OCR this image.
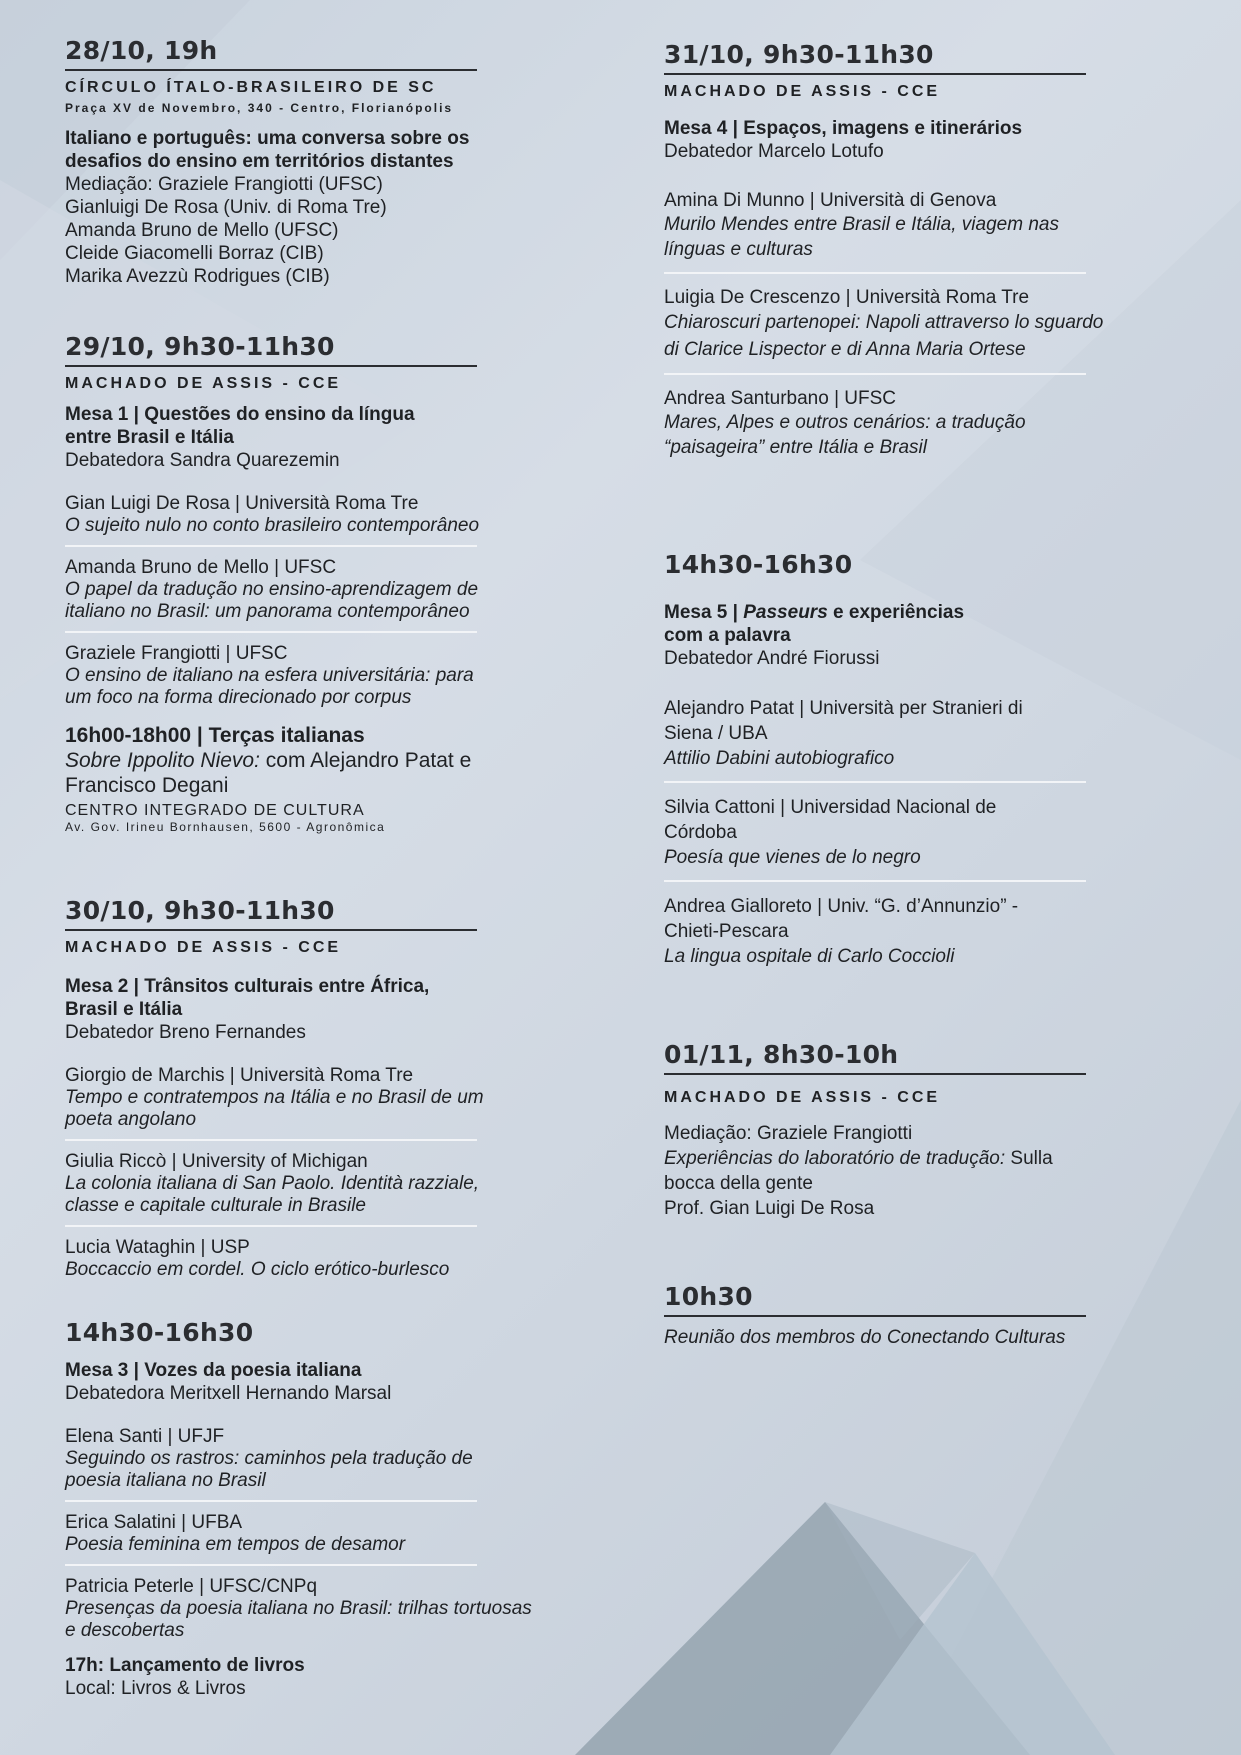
28/10, 19h
CÍRCULO ÍTALO-BRASILEIRO DE SC
Praça XV de Novembro, 340 - Centro, Florianópolis
Italiano e português: uma conversa sobre os
desafios do ensino em territórios distantes
Mediação: Graziele Frangiotti (UFSC)
Gianluigi De Rosa (Univ. di Roma Tre)
Amanda Bruno de Mello (UFSC)
Cleide Giacomelli Borraz (CIB)
Marika Avezzù Rodrigues (CIB)
29/10, 9h30-11h30
MACHADO DE ASSIS - CCE
Mesa 1 | Questões do ensino da língua
entre Brasil e Itália
Debatedora Sandra Quarezemin
Gian Luigi De Rosa | Università Roma Tre
O sujeito nulo no conto brasileiro contemporâneo
Amanda Bruno de Mello | UFSC
O papel da tradução no ensino-aprendizagem de
italiano no Brasil: um panorama contemporâneo
Graziele Frangiotti | UFSC
O ensino de italiano na esfera universitária: para
um foco na forma direcionado por corpus
16h00-18h00 | Terças italianas
Sobre Ippolito Nievo: com Alejandro Patat e
Francisco Degani
CENTRO INTEGRADO DE CULTURA
Av. Gov. Irineu Bornhausen, 5600 - Agronômica
30/10, 9h30-11h30
MACHADO DE ASSIS - CCE
Mesa 2 | Trânsitos culturais entre África,
Brasil e Itália
Debatedor Breno Fernandes
Giorgio de Marchis | Università Roma Tre
Tempo e contratempos na Itália e no Brasil de um
poeta angolano
Giulia Riccò | University of Michigan
La colonia italiana di San Paolo. Identità razziale,
classe e capitale culturale in Brasile
Lucia Wataghin | USP
Boccaccio em cordel. O ciclo erótico-burlesco
14h30-16h30
Mesa 3 | Vozes da poesia italiana
Debatedora Meritxell Hernando Marsal
Elena Santi | UFJF
Seguindo os rastros: caminhos pela tradução de
poesia italiana no Brasil
Erica Salatini | UFBA
Poesia feminina em tempos de desamor
Patricia Peterle | UFSC/CNPq
Presenças da poesia italiana no Brasil: trilhas tortuosas
e descobertas
17h: Lançamento de livros
Local: Livros & Livros
31/10, 9h30-11h30
MACHADO DE ASSIS - CCE
Mesa 4 | Espaços, imagens e itinerários
Debatedor Marcelo Lotufo
Amina Di Munno | Università di Genova
Murilo Mendes entre Brasil e Itália, viagem nas
línguas e culturas
Luigia De Crescenzo | Università Roma Tre
Chiaroscuri partenopei: Napoli attraverso lo sguardo
di Clarice Lispector e di Anna Maria Ortese
Andrea Santurbano | UFSC
Mares, Alpes e outros cenários: a tradução
“paisageira” entre Itália e Brasil
14h30-16h30
Mesa 5 | Passeurs e experiências
com a palavra
Debatedor André Fiorussi
Alejandro Patat | Università per Stranieri di
Siena / UBA
Attilio Dabini autobiografico
Silvia Cattoni | Universidad Nacional de
Córdoba
Poesía que vienes de lo negro
Andrea Gialloreto | Univ. “G. d’Annunzio” -
Chieti-Pescara
La lingua ospitale di Carlo Coccioli
01/11, 8h30-10h
MACHADO DE ASSIS - CCE
Mediação: Graziele Frangiotti
Experiências do laboratório de tradução: Sulla
bocca della gente
Prof. Gian Luigi De Rosa
10h30
Reunião dos membros do Conectando Culturas
